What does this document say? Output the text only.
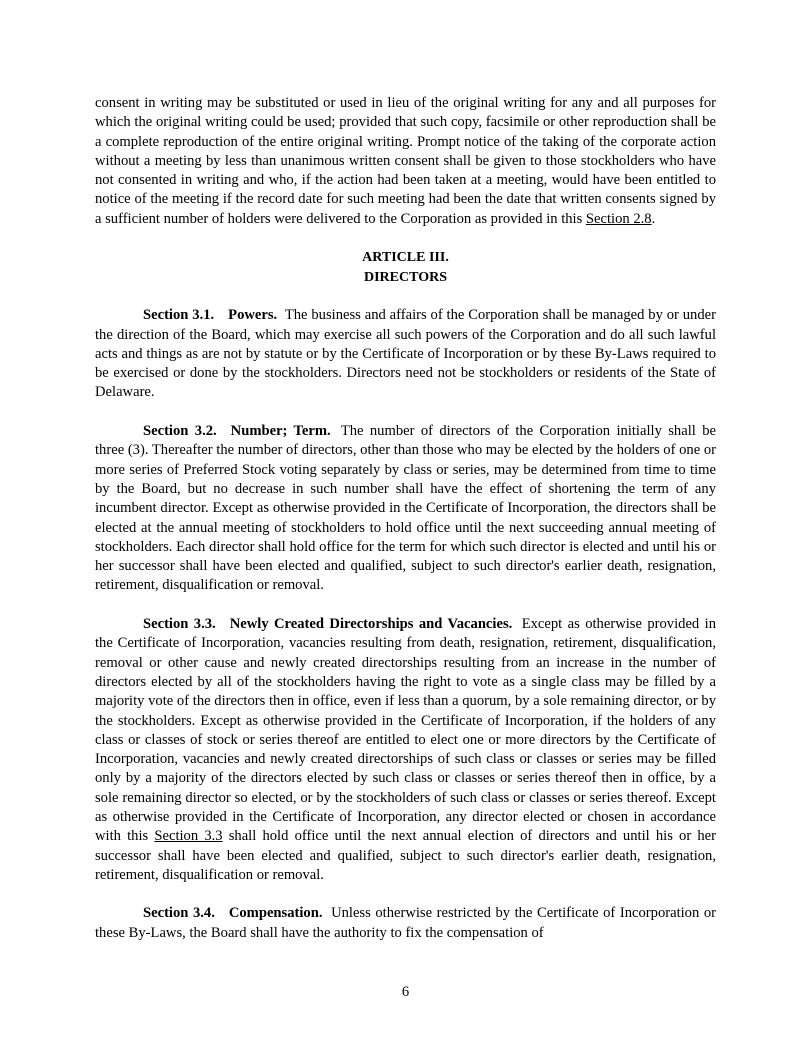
consent in writing may be substituted or used in lieu of the original writing for any and all purposes for which the original writing could be used; provided that such copy, facsimile or other reproduction shall be a complete reproduction of the entire original writing. Prompt notice of the taking of the corporate action without a meeting by less than unanimous written consent shall be given to those stockholders who have not consented in writing and who, if the action had been taken at a meeting, would have been entitled to notice of the meeting if the record date for such meeting had been the date that written consents signed by a sufficient number of holders were delivered to the Corporation as provided in this Section 2.8.

ARTICLE III.
DIRECTORS

Section 3.1. Powers. The business and affairs of the Corporation shall be managed by or under the direction of the Board, which may exercise all such powers of the Corporation and do all such lawful acts and things as are not by statute or by the Certificate of Incorporation or by these By-Laws required to be exercised or done by the stockholders. Directors need not be stockholders or residents of the State of Delaware.

Section 3.2. Number; Term. The number of directors of the Corporation initially shall be three (3). Thereafter the number of directors, other than those who may be elected by the holders of one or more series of Preferred Stock voting separately by class or series, may be determined from time to time by the Board, but no decrease in such number shall have the effect of shortening the term of any incumbent director. Except as otherwise provided in the Certificate of Incorporation, the directors shall be elected at the annual meeting of stockholders to hold office until the next succeeding annual meeting of stockholders. Each director shall hold office for the term for which such director is elected and until his or her successor shall have been elected and qualified, subject to such director's earlier death, resignation, retirement, disqualification or removal.

Section 3.3. Newly Created Directorships and Vacancies. Except as otherwise provided in the Certificate of Incorporation, vacancies resulting from death, resignation, retirement, disqualification, removal or other cause and newly created directorships resulting from an increase in the number of directors elected by all of the stockholders having the right to vote as a single class may be filled by a majority vote of the directors then in office, even if less than a quorum, by a sole remaining director, or by the stockholders. Except as otherwise provided in the Certificate of Incorporation, if the holders of any class or classes of stock or series thereof are entitled to elect one or more directors by the Certificate of Incorporation, vacancies and newly created directorships of such class or classes or series may be filled only by a majority of the directors elected by such class or classes or series thereof then in office, by a sole remaining director so elected, or by the stockholders of such class or classes or series thereof. Except as otherwise provided in the Certificate of Incorporation, any director elected or chosen in accordance with this Section 3.3 shall hold office until the next annual election of directors and until his or her successor shall have been elected and qualified, subject to such director's earlier death, resignation, retirement, disqualification or removal.

Section 3.4. Compensation. Unless otherwise restricted by the Certificate of Incorporation or these By-Laws, the Board shall have the authority to fix the compensation of

6
